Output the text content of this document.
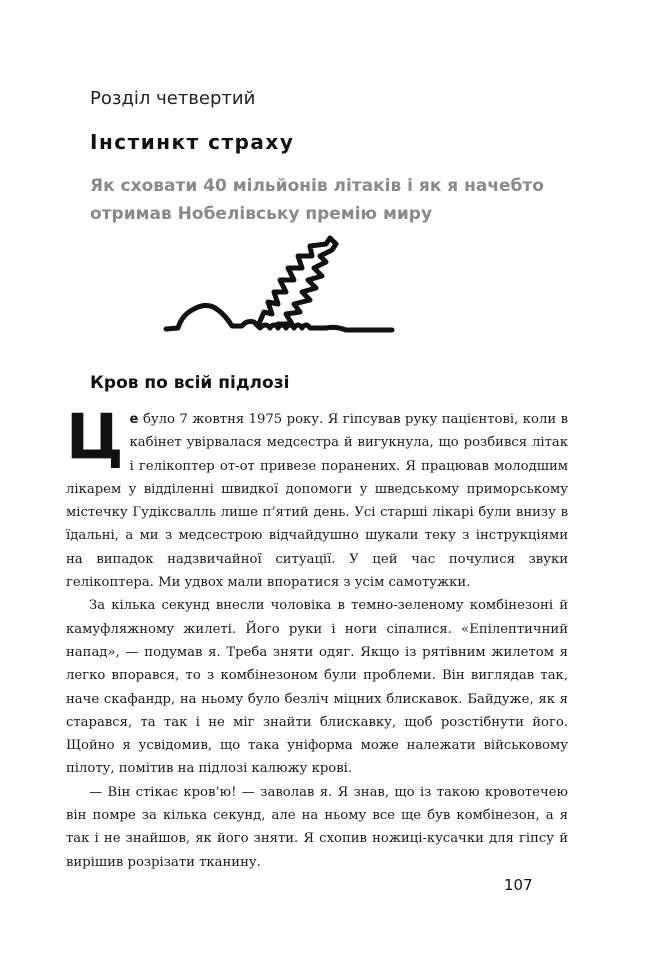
Розділ четвертий
Інстинкт страху
Як сховати 40 мільйонів літаків і як я начебто отримав Нобелівську премію миру
Кров по всій підлозі

Це було 7 жовтня 1975 року. Я гіпсував руку пацієнтові, коли в кабінет увірвалася медсестра й вигукнула, що розбився літак і гелікоптер от-от привезе поранених. Я працював молодшим лікарем у відділенні швидкої допомоги у шведському приморському містечку Гудіксвалль лише п’ятий день. Усі старші лікарі були внизу в їдальні, а ми з медсестрою відчайдушно шукали теку з інструкціями на випадок надзвичайної ситуації. У цей час почулися звуки гелікоптера. Ми удвох мали впоратися з усім самотужки.

За кілька секунд внесли чоловіка в темно-зеленому комбінезоні й камуфляжному жилеті. Його руки і ноги сіпалися. «Епілептичний напад», — подумав я. Треба зняти одяг. Якщо із рятівним жилетом я легко впорався, то з комбінезоном були проблеми. Він виглядав так, наче скафандр, на ньому було безліч міцних блискавок. Байдуже, як я старався, та так і не міг знайти блискавку, щоб розстібнути його. Щойно я усвідомив, що така уніформа може належати військовому пілоту, помітив на підлозі калюжу крові.

— Він стікає кров’ю! — заволав я. Я знав, що із такою кровотечею він помре за кілька секунд, але на ньому все ще був комбінезон, а я так і не знайшов, як його зняти. Я схопив ножиці-кусачки для гіпсу й вирішив розрізати тканину.

107
